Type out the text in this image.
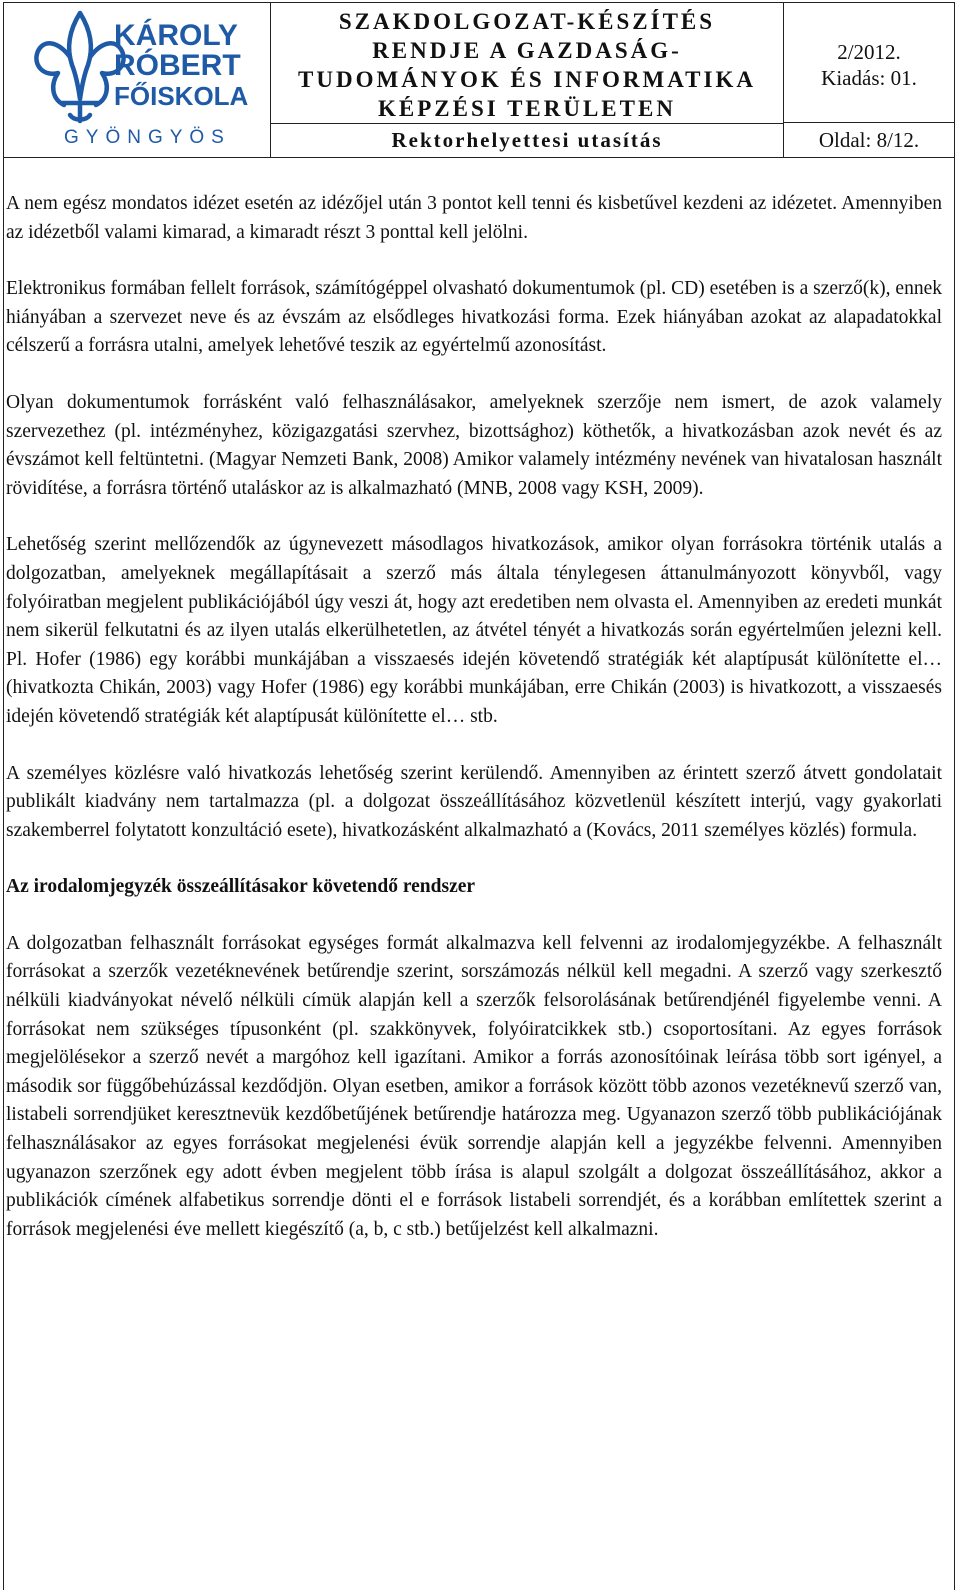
KÁROLY
RÓBERT
FŐISKOLA
GYÖNGYÖS
SZAKDOLGOZAT-KÉSZÍTÉS
RENDJE A GAZDASÁG-
TUDOMÁNYOK ÉS INFORMATIKA
KÉPZÉSI TERÜLETEN
Rektorhelyettesi utasítás
2/2012.
Kiadás: 01.
Oldal: 8/12.

A nem egész mondatos idézet esetén az idézőjel után 3 pontot kell tenni és kisbetűvel kezdeni az idézetet. Amennyiben az idézetből valami kimarad, a kimaradt részt 3 ponttal kell jelölni.

Elektronikus formában fellelt források, számítógéppel olvasható dokumentumok (pl. CD) esetében is a szerző(k), ennek hiányában a szervezet neve és az évszám az elsődleges hivatkozási forma. Ezek hiányában azokat az alapadatokkal célszerű a forrásra utalni, amelyek lehetővé teszik az egyértelmű azonosítást.

Olyan dokumentumok forrásként való felhasználásakor, amelyeknek szerzője nem ismert, de azok valamely szervezethez (pl. intézményhez, közigazgatási szervhez, bizottsághoz) köthetők, a hivatkozásban azok nevét és az évszámot kell feltüntetni. (Magyar Nemzeti Bank, 2008) Amikor valamely intézmény nevének van hivatalosan használt rövidítése, a forrásra történő utaláskor az is alkalmazható (MNB, 2008 vagy KSH, 2009).

Lehetőség szerint mellőzendők az úgynevezett másodlagos hivatkozások, amikor olyan forrásokra történik utalás a dolgozatban, amelyeknek megállapításait a szerző más általa ténylegesen áttanulmányozott könyvből, vagy folyóiratban megjelent publikációjából úgy veszi át, hogy azt eredetiben nem olvasta el. Amennyiben az eredeti munkát nem sikerül felkutatni és az ilyen utalás elkerülhetetlen, az átvétel tényét a hivatkozás során egyértelműen jelezni kell. Pl. Hofer (1986) egy korábbi munkájában a visszaesés idején követendő stratégiák két alaptípusát különítette el… (hivatkozta Chikán, 2003) vagy Hofer (1986) egy korábbi munkájában, erre Chikán (2003) is hivatkozott, a visszaesés idején követendő stratégiák két alaptípusát különítette el… stb.

A személyes közlésre való hivatkozás lehetőség szerint kerülendő. Amennyiben az érintett szerző átvett gondolatait publikált kiadvány nem tartalmazza (pl. a dolgozat összeállításához közvetlenül készített interjú, vagy gyakorlati szakemberrel folytatott konzultáció esete), hivatkozásként alkalmazható a (Kovács, 2011 személyes közlés) formula.

Az irodalomjegyzék összeállításakor követendő rendszer

A dolgozatban felhasznált forrásokat egységes formát alkalmazva kell felvenni az irodalomjegyzékbe. A felhasznált forrásokat a szerzők vezetéknevének betűrendje szerint, sorszámozás nélkül kell megadni. A szerző vagy szerkesztő nélküli kiadványokat névelő nélküli címük alapján kell a szerzők felsorolásának betűrendjénél figyelembe venni. A forrásokat nem szükséges típusonként (pl. szakkönyvek, folyóiratcikkek stb.) csoportosítani. Az egyes források megjelölésekor a szerző nevét a margóhoz kell igazítani. Amikor a forrás azonosítóinak leírása több sort igényel, a második sor függőbehúzással kezdődjön. Olyan esetben, amikor a források között több azonos vezetéknevű szerző van, listabeli sorrendjüket keresztnevük kezdőbetűjének betűrendje határozza meg. Ugyanazon szerző több publikációjának felhasználásakor az egyes forrásokat megjelenési évük sorrendje alapján kell a jegyzékbe felvenni. Amennyiben ugyanazon szerzőnek egy adott évben megjelent több írása is alapul szolgált a dolgozat összeállításához, akkor a publikációk címének alfabetikus sorrendje dönti el e források listabeli sorrendjét, és a korábban említettek szerint a források megjelenési éve mellett kiegészítő (a, b, c stb.) betűjelzést kell alkalmazni.
